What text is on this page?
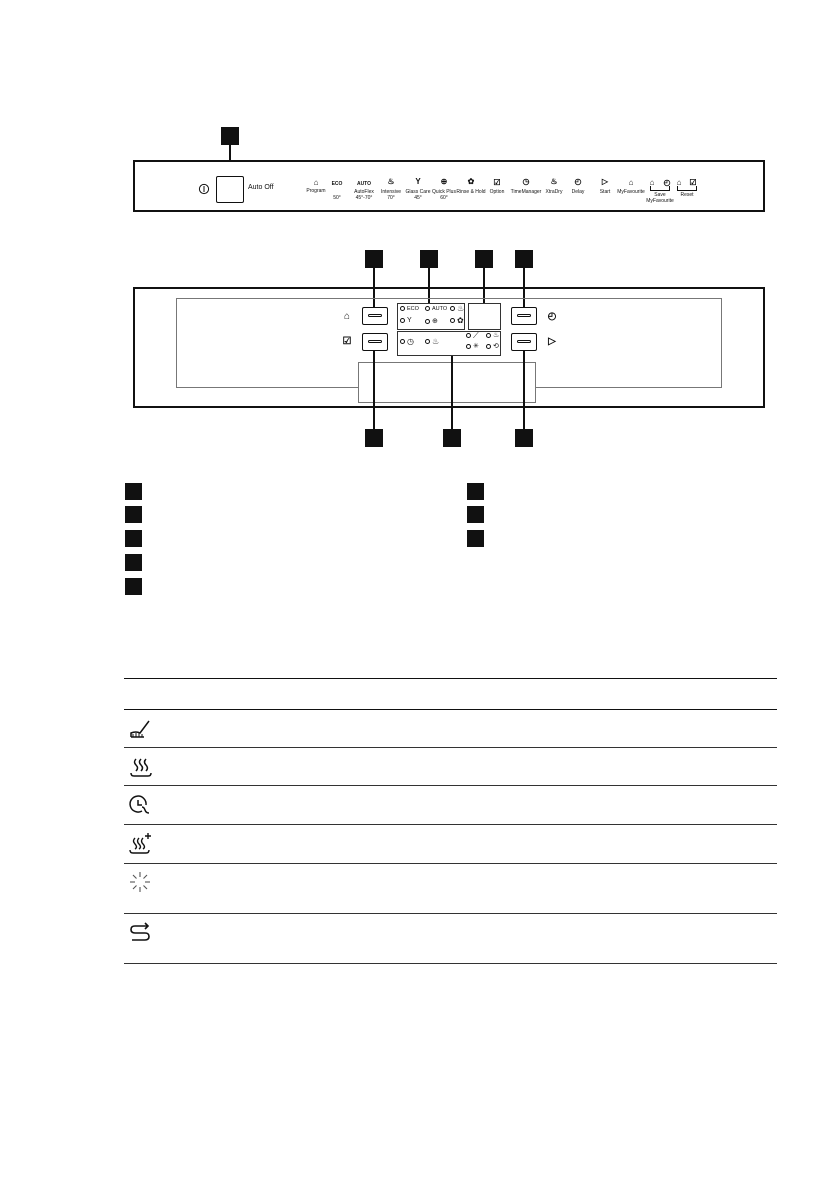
Auto Off
⌂	ECO	AUTO ♨	Y ⊕	✿ ☑	◷	♨ ◴	▷	⌂ ⌂ ◴ ⌂ ☑
Program
50°
AutoFlex
45°-70°
Intensive
70°
Glass Care
45°
Quick Plus
60°
Rinse & Hold Option TimeManager XtraDry Delay	Start MyFavourite Save
MyFavourite
Reset
⌂
☑
◴
▷
ECO	AUTO	♨
Y	⊕	✿
◷	♨
⟋	♨
✳	⟲
